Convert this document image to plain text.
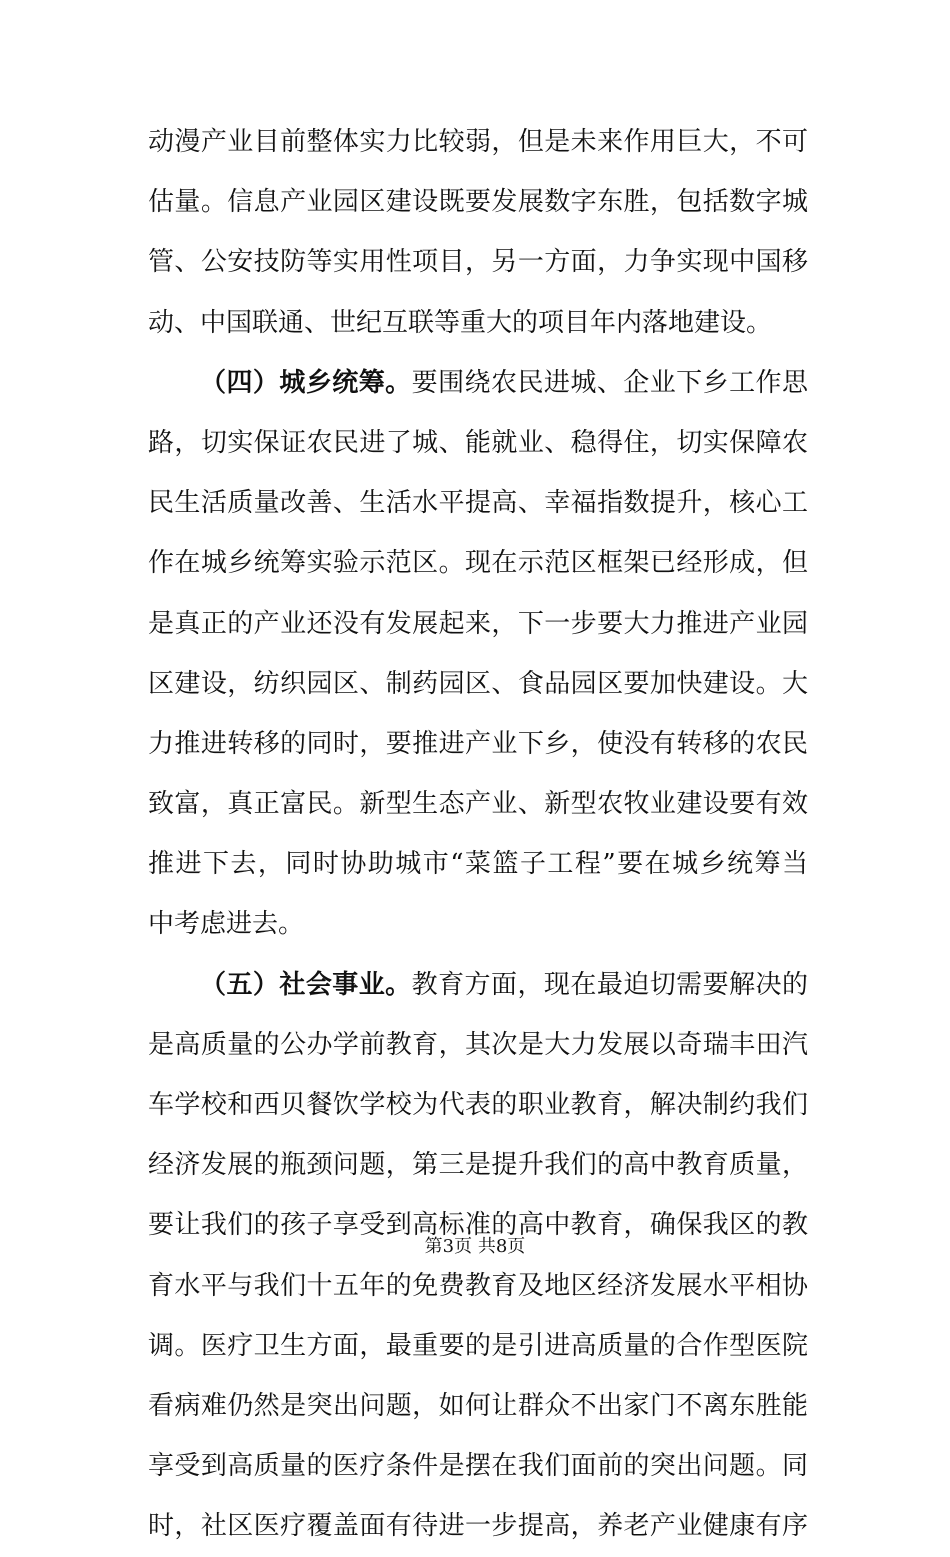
动漫产业目前整体实力比较弱，但是未来作用巨大，不可
估量。信息产业园区建设既要发展数字东胜，包括数字城
管、公安技防等实用性项目，另一方面，力争实现中国移
动、中国联通、世纪互联等重大的项目年内落地建设。
（四）城乡统筹。要围绕农民进城、企业下乡工作思
路，切实保证农民进了城、能就业、稳得住，切实保障农
民生活质量改善、生活水平提高、幸福指数提升，核心工
作在城乡统筹实验示范区。现在示范区框架已经形成，但
是真正的产业还没有发展起来，下一步要大力推进产业园
区建设，纺织园区、制药园区、食品园区要加快建设。大
力推进转移的同时，要推进产业下乡，使没有转移的农民
致富，真正富民。新型生态产业、新型农牧业建设要有效
推进下去，同时协助城市“菜篮子工程”要在城乡统筹当
中考虑进去。
（五）社会事业。教育方面，现在最迫切需要解决的
是高质量的公办学前教育，其次是大力发展以奇瑞丰田汽
车学校和西贝餐饮学校为代表的职业教育，解决制约我们
经济发展的瓶颈问题，第三是提升我们的高中教育质量，
要让我们的孩子享受到高标准的高中教育，确保我区的教
育水平与我们十五年的免费教育及地区经济发展水平相协
调。医疗卫生方面，最重要的是引进高质量的合作型医院
看病难仍然是突出问题，如何让群众不出家门不离东胜能
享受到高质量的医疗条件是摆在我们面前的突出问题。同
时，社区医疗覆盖面有待进一步提高，养老产业健康有序
第3页 共8页
